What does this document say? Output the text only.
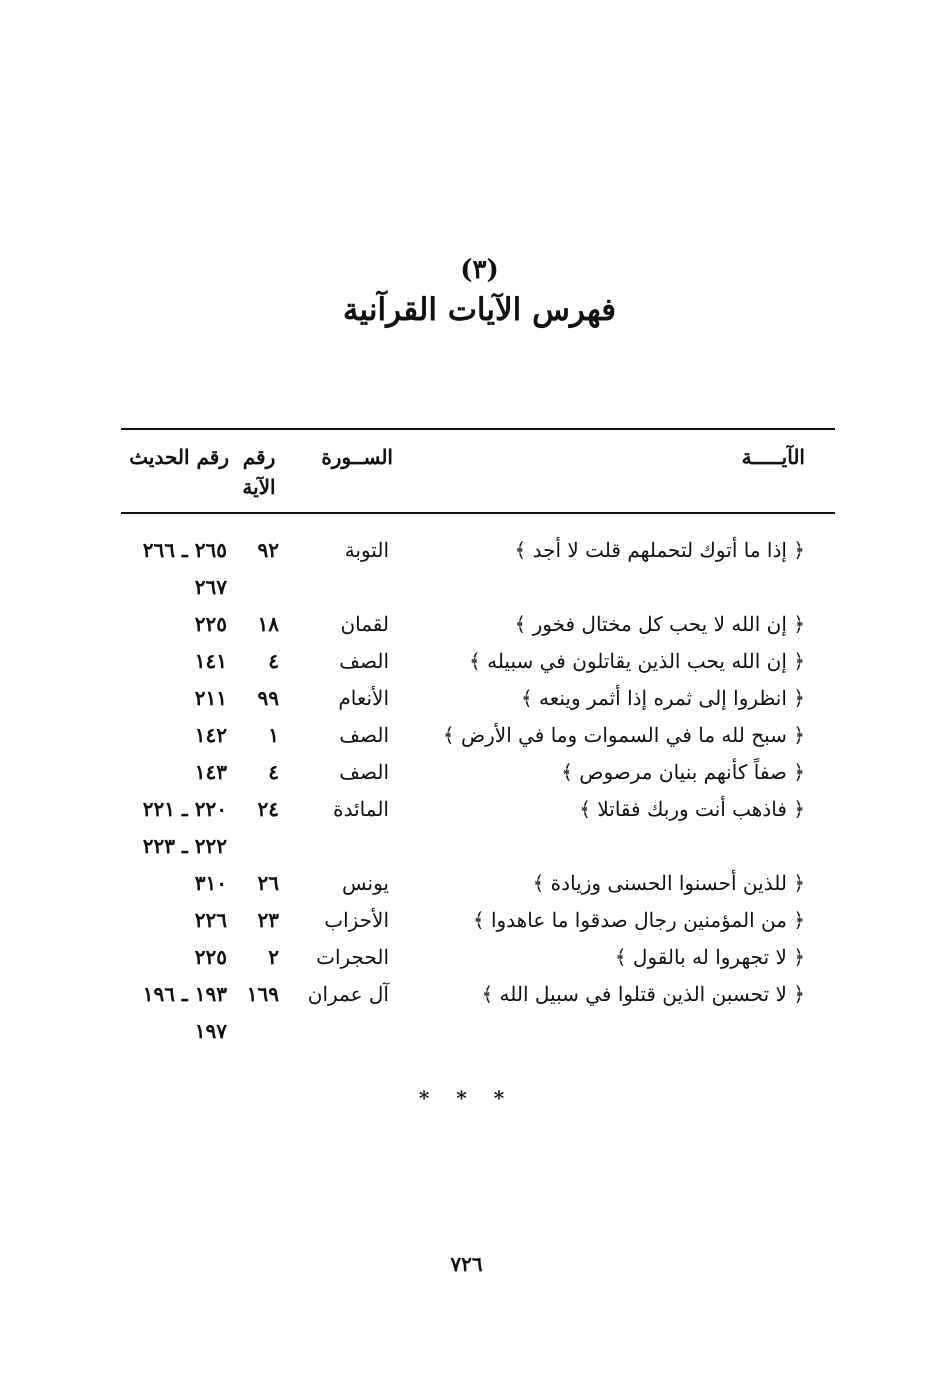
(٣)
فهرس الآيات القرآنية
الآيـــــة
الســورة
رقم الآية
رقم الحديث
﴿ إذا ما أتوك لتحملهم قلت لا أجد ﴾
التوبة
٩٢
٢٦٥ ـ ٢٦٦
٢٦٧
﴿ إن الله لا يحب كل مختال فخور ﴾
لقمان
١٨
٢٢٥
﴿ إن الله يحب الذين يقاتلون في سبيله ﴾
الصف
٤
١٤١
﴿ انظروا إلى ثمره إذا أثمر وينعه ﴾
الأنعام
٩٩
٢١١
﴿ سبح لله ما في السموات وما في الأرض ﴾
الصف
١
١٤٢
﴿ صفاً كأنهم بنيان مرصوص ﴾
الصف
٤
١٤٣
﴿ فاذهب أنت وربك فقاتلا ﴾
المائدة
٢٤
٢٢٠ ـ ٢٢١
٢٢٢ ـ ٢٢٣
﴿ للذين أحسنوا الحسنى وزيادة ﴾
يونس
٢٦
٣١٠
﴿ من المؤمنين رجال صدقوا ما عاهدوا ﴾
الأحزاب
٢٣
٢٢٦
﴿ لا تجهروا له بالقول ﴾
الحجرات
٢
٢٢٥
﴿ لا تحسبن الذين قتلوا في سبيل الله ﴾
آل عمران
١٦٩
١٩٣ ـ ١٩٦
١٩٧
* * *
٧٢٦
